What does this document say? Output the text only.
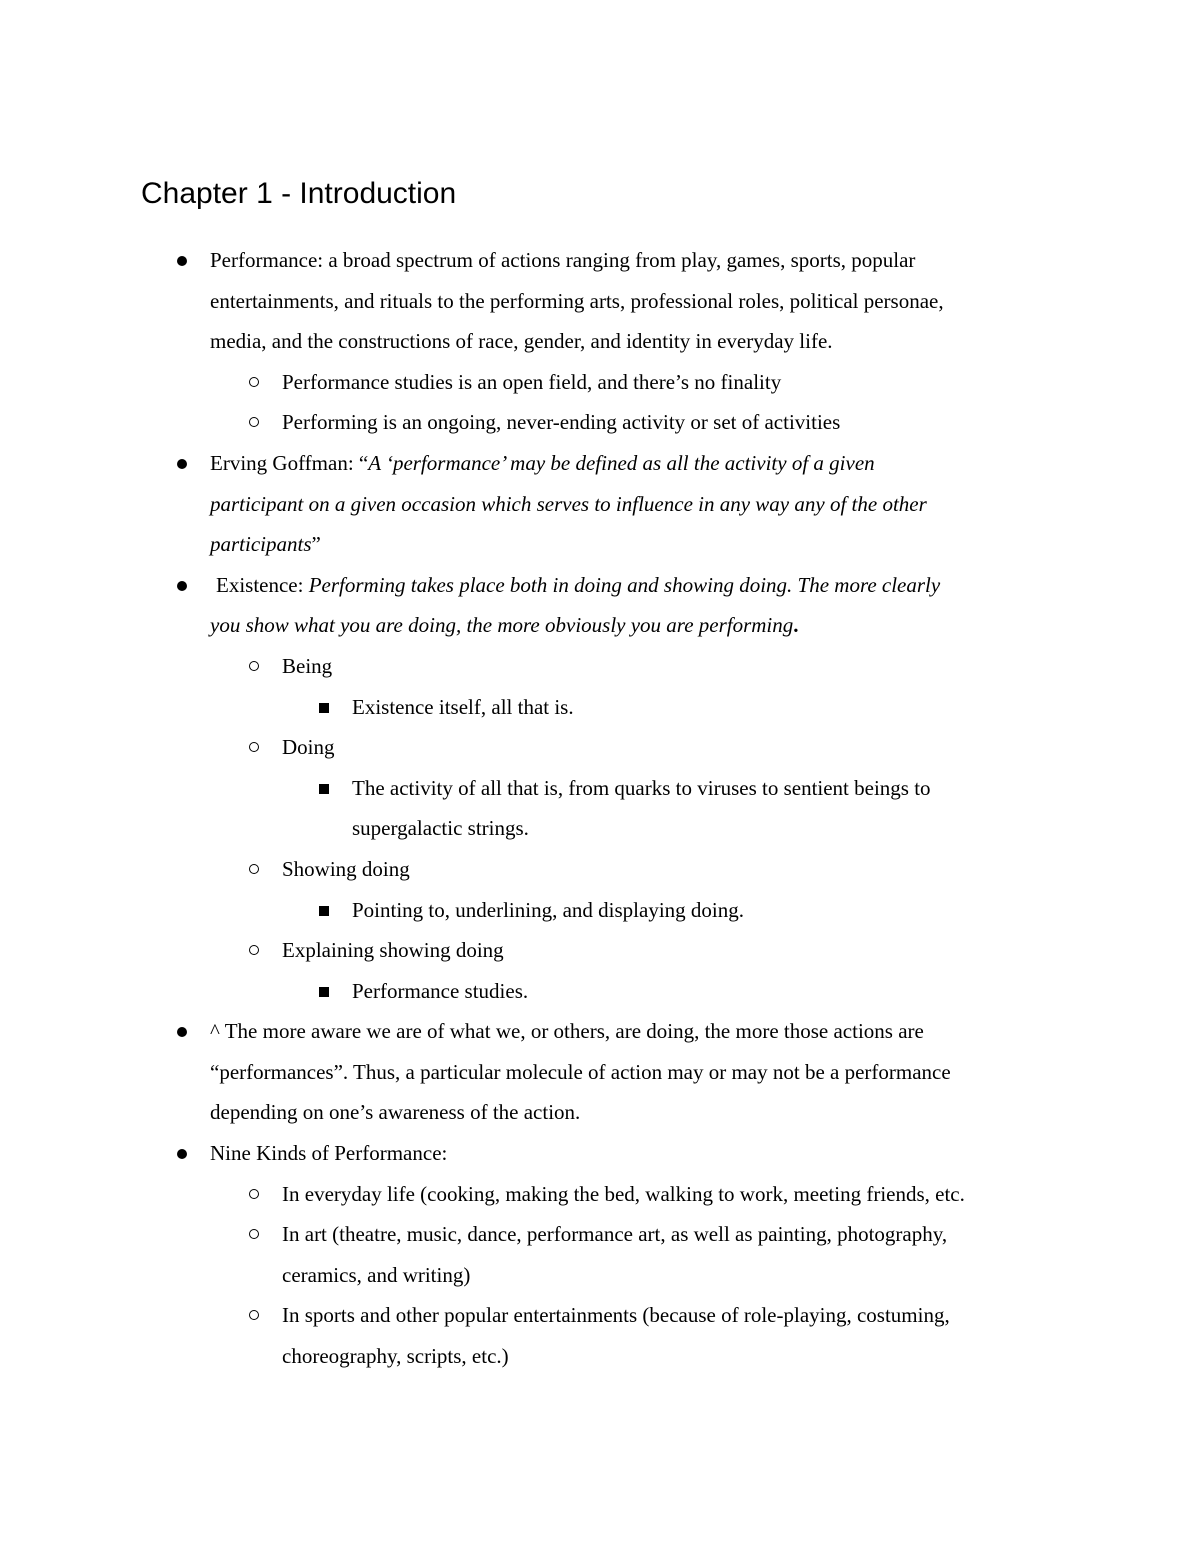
Chapter 1 - Introduction
Performance: a broad spectrum of actions ranging from play, games, sports, popular
entertainments, and rituals to the performing arts, professional roles, political personae,
media, and the constructions of race, gender, and identity in everyday life.
Performance studies is an open field, and there’s no finality
Performing is an ongoing, never-ending activity or set of activities
Erving Goffman: “A ‘performance’ may be defined as all the activity of a given
participant on a given occasion which serves to influence in any way any of the other
participants”
Existence: Performing takes place both in doing and showing doing. The more clearly
you show what you are doing, the more obviously you are performing.
Being
Existence itself, all that is.
Doing
The activity of all that is, from quarks to viruses to sentient beings to
supergalactic strings.
Showing doing
Pointing to, underlining, and displaying doing.
Explaining showing doing
Performance studies.
^ The more aware we are of what we, or others, are doing, the more those actions are
“performances”. Thus, a particular molecule of action may or may not be a performance
depending on one’s awareness of the action.
Nine Kinds of Performance:
In everyday life (cooking, making the bed, walking to work, meeting friends, etc.
In art (theatre, music, dance, performance art, as well as painting, photography,
ceramics, and writing)
In sports and other popular entertainments (because of role-playing, costuming,
choreography, scripts, etc.)
